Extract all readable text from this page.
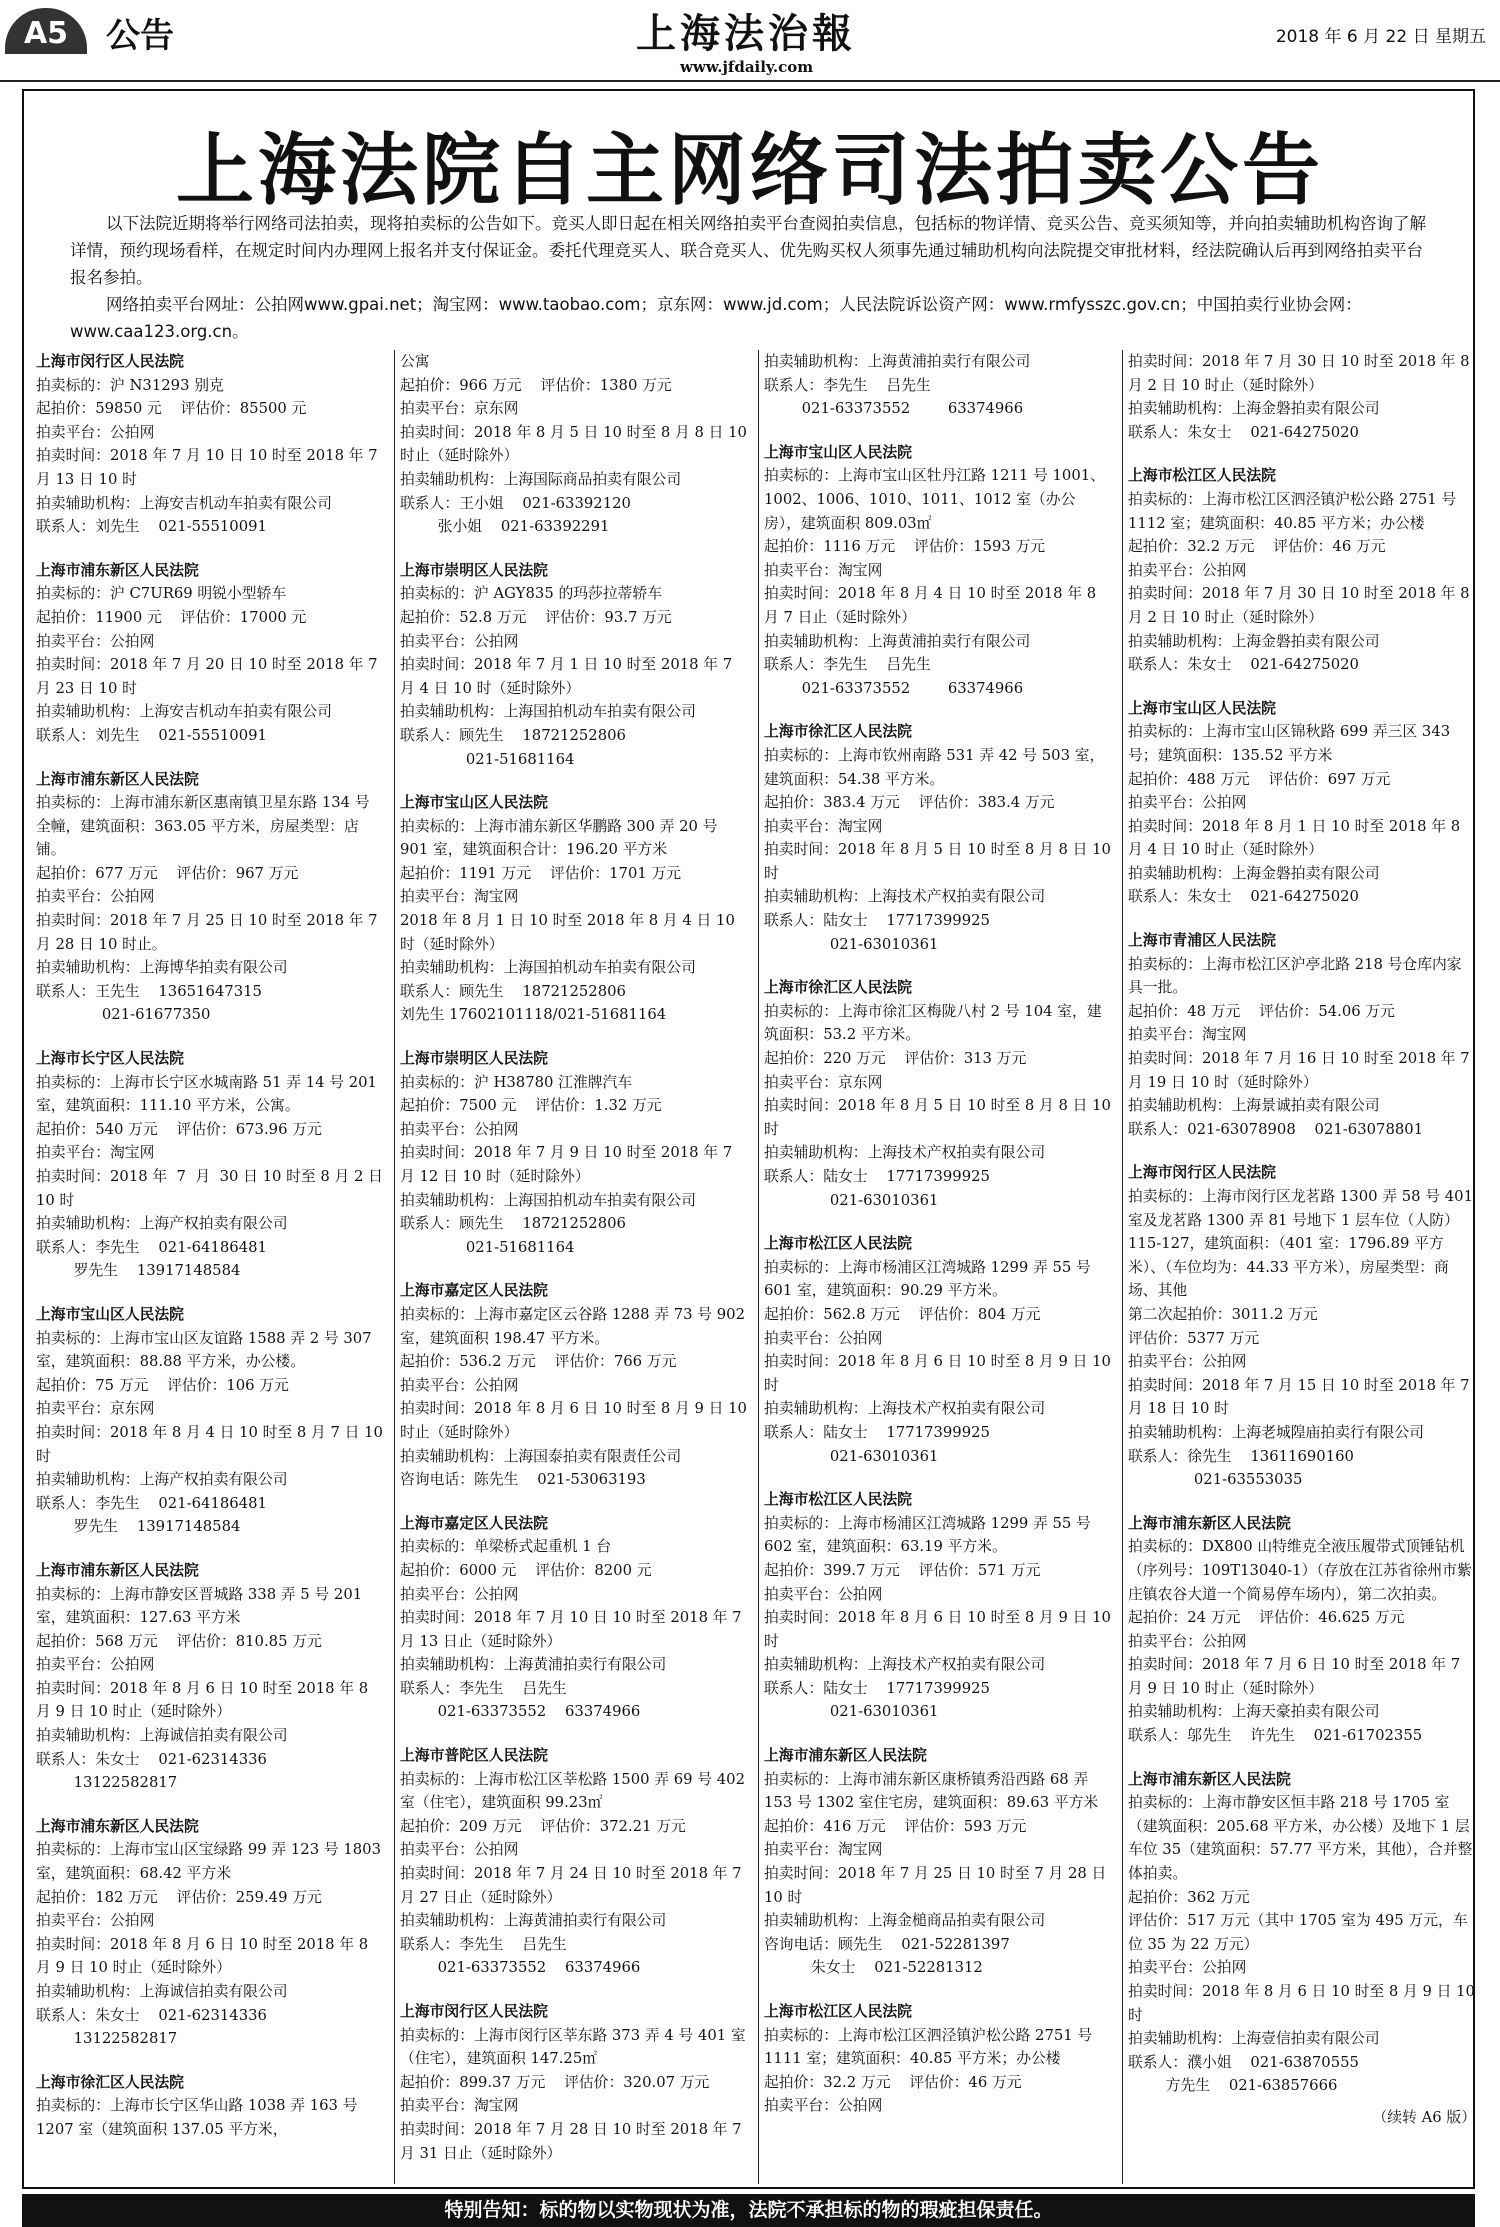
A5	公告	上海法治報
www.jfdaily.com
2018 年 6 月 22 日 星期五
上海法院自主网络司法拍卖公告

以下法院近期将举行网络司法拍卖，现将拍卖标的公告如下。竞买人即日起在相关网络拍卖平台查阅拍卖信息，包括标的物详情、竞买公告、竞买须知等，并向拍卖辅助机构咨询了解详情，预约现场看样，在规定时间内办理网上报名并支付保证金。委托代理竞买人、联合竞买人、优先购买权人须事先通过辅助机构向法院提交审批材料，经法院确认后再到网络拍卖平台报名参拍。

网络拍卖平台网址：公拍网www.gpai.net；淘宝网：www.taobao.com；京东网：www.jd.com；人民法院诉讼资产网：www.rmfysszc.gov.cn；中国拍卖行业协会网：www.caa123.org.cn。

上海市闵行区人民法院
拍卖标的：沪 N31293 别克
起拍价：59850 元    评估价：85500 元
拍卖平台：公拍网
拍卖时间：2018 年 7 月 10 日 10 时至 2018 年 7 月 13 日 10 时
拍卖辅助机构：上海安吉机动车拍卖有限公司
联系人：刘先生    021-55510091
上海市浦东新区人民法院
拍卖标的：沪 C7UR69 明锐小型轿车
起拍价：11900 元    评估价：17000 元
拍卖平台：公拍网
拍卖时间：2018 年 7 月 20 日 10 时至 2018 年 7 月 23 日 10 时
拍卖辅助机构：上海安吉机动车拍卖有限公司
联系人：刘先生    021-55510091
上海市浦东新区人民法院
拍卖标的：上海市浦东新区惠南镇卫星东路 134 号全幢，建筑面积：363.05 平方米，房屋类型：店铺。
起拍价：677 万元    评估价：967 万元
拍卖平台：公拍网
拍卖时间：2018 年 7 月 25 日 10 时至 2018 年 7 月 28 日 10 时止。
拍卖辅助机构：上海博华拍卖有限公司
联系人：王先生    13651647315
021-61677350
上海市长宁区人民法院
拍卖标的：上海市长宁区水城南路 51 弄 14 号 201 室，建筑面积：111.10 平方米，公寓。
起拍价：540 万元    评估价：673.96 万元
拍卖平台：淘宝网
拍卖时间：2018 年  7  月  30 日 10 时至 8 月 2 日 10 时
拍卖辅助机构：上海产权拍卖有限公司
联系人：李先生    021-64186481
罗先生    13917148584
上海市宝山区人民法院
拍卖标的：上海市宝山区友谊路 1588 弄 2 号 307 室，建筑面积：88.88 平方米，办公楼。
起拍价：75 万元    评估价：106 万元
拍卖平台：京东网
拍卖时间：2018 年 8 月 4 日 10 时至 8 月 7 日 10 时
拍卖辅助机构：上海产权拍卖有限公司
联系人：李先生    021-64186481
罗先生    13917148584
上海市浦东新区人民法院
拍卖标的：上海市静安区晋城路 338 弄 5 号 201 室，建筑面积：127.63 平方米
起拍价：568 万元    评估价：810.85 万元
拍卖平台：公拍网
拍卖时间：2018 年 8 月 6 日 10 时至 2018 年 8 月 9 日 10 时止（延时除外）
拍卖辅助机构：上海诚信拍卖有限公司
联系人：朱女士    021-62314336
13122582817
上海市浦东新区人民法院
拍卖标的：上海市宝山区宝绿路 99 弄 123 号 1803 室，建筑面积：68.42 平方米
起拍价：182 万元    评估价：259.49 万元
拍卖平台：公拍网
拍卖时间：2018 年 8 月 6 日 10 时至 2018 年 8 月 9 日 10 时止（延时除外）
拍卖辅助机构：上海诚信拍卖有限公司
联系人：朱女士    021-62314336
13122582817
上海市徐汇区人民法院
拍卖标的：上海市长宁区华山路 1038 弄 163 号 1207 室（建筑面积 137.05 平方米，
公寓
起拍价：966 万元    评估价：1380 万元
拍卖平台：京东网
拍卖时间：2018 年 8 月 5 日 10 时至 8 月 8 日 10 时止（延时除外）
拍卖辅助机构：上海国际商品拍卖有限公司
联系人：王小姐    021-63392120
张小姐    021-63392291
上海市崇明区人民法院
拍卖标的：沪 AGY835 的玛莎拉蒂轿车
起拍价：52.8 万元    评估价：93.7 万元
拍卖平台：公拍网
拍卖时间：2018 年 7 月 1 日 10 时至 2018 年 7 月 4 日 10 时（延时除外）
拍卖辅助机构：上海国拍机动车拍卖有限公司
联系人：顾先生    18721252806
021-51681164
上海市宝山区人民法院
拍卖标的：上海市浦东新区华鹏路 300 弄 20 号 901 室，建筑面积合计：196.20 平方米
起拍价：1191 万元    评估价：1701 万元
拍卖平台：淘宝网
2018 年 8 月 1 日 10 时至 2018 年 8 月 4 日 10 时（延时除外）
拍卖辅助机构：上海国拍机动车拍卖有限公司
联系人：顾先生    18721252806
刘先生 17602101118/021-51681164
上海市崇明区人民法院
拍卖标的：沪 H38780 江淮牌汽车
起拍价：7500 元    评估价：1.32 万元
拍卖平台：公拍网
拍卖时间：2018 年 7 月 9 日 10 时至 2018 年 7 月 12 日 10 时（延时除外）
拍卖辅助机构：上海国拍机动车拍卖有限公司
联系人：顾先生    18721252806
021-51681164
上海市嘉定区人民法院
拍卖标的：上海市嘉定区云谷路 1288 弄 73 号 902 室，建筑面积 198.47 平方米。
起拍价：536.2 万元    评估价：766 万元
拍卖平台：公拍网
拍卖时间：2018 年 8 月 6 日 10 时至 8 月 9 日 10 时止（延时除外）
拍卖辅助机构：上海国泰拍卖有限责任公司
咨询电话：陈先生    021-53063193
上海市嘉定区人民法院
拍卖标的：单梁桥式起重机 1 台
起拍价：6000 元    评估价：8200 元
拍卖平台：公拍网
拍卖时间：2018 年 7 月 10 日 10 时至 2018 年 7 月 13 日止（延时除外）
拍卖辅助机构：上海黄浦拍卖行有限公司
联系人：李先生    吕先生
021-63373552    63374966
上海市普陀区人民法院
拍卖标的：上海市松江区莘松路 1500 弄 69 号 402 室（住宅），建筑面积 99.23㎡
起拍价：209 万元    评估价：372.21 万元
拍卖平台：公拍网
拍卖时间：2018 年 7 月 24 日 10 时至 2018 年 7 月 27 日止（延时除外）
拍卖辅助机构：上海黄浦拍卖行有限公司
联系人：李先生    吕先生
021-63373552    63374966
上海市闵行区人民法院
拍卖标的：上海市闵行区莘东路 373 弄 4 号 401 室（住宅），建筑面积 147.25㎡
起拍价：899.37 万元    评估价：320.07 万元
拍卖平台：淘宝网
拍卖时间：2018 年 7 月 28 日 10 时至 2018 年 7 月 31 日止（延时除外）
拍卖辅助机构：上海黄浦拍卖行有限公司
联系人：李先生    吕先生
021-63373552        63374966
上海市宝山区人民法院
拍卖标的：上海市宝山区牡丹江路 1211 号 1001、1002、1006、1010、1011、1012 室（办公房），建筑面积 809.03㎡
起拍价：1116 万元    评估价：1593 万元
拍卖平台：淘宝网
拍卖时间：2018 年 8 月 4 日 10 时至 2018 年 8 月 7 日止（延时除外）
拍卖辅助机构：上海黄浦拍卖行有限公司
联系人：李先生    吕先生
021-63373552        63374966
上海市徐汇区人民法院
拍卖标的：上海市钦州南路 531 弄 42 号 503 室，建筑面积：54.38 平方米。
起拍价：383.4 万元    评估价：383.4 万元
拍卖平台：淘宝网
拍卖时间：2018 年 8 月 5 日 10 时至 8 月 8 日 10 时
拍卖辅助机构：上海技术产权拍卖有限公司
联系人：陆女士    17717399925
021-63010361
上海市徐汇区人民法院
拍卖标的：上海市徐汇区梅陇八村 2 号 104 室，建筑面积：53.2 平方米。
起拍价：220 万元    评估价：313 万元
拍卖平台：京东网
拍卖时间：2018 年 8 月 5 日 10 时至 8 月 8 日 10 时
拍卖辅助机构：上海技术产权拍卖有限公司
联系人：陆女士    17717399925
021-63010361
上海市松江区人民法院
拍卖标的：上海市杨浦区江湾城路 1299 弄 55 号 601 室，建筑面积：90.29 平方米。
起拍价：562.8 万元    评估价：804 万元
拍卖平台：公拍网
拍卖时间：2018 年 8 月 6 日 10 时至 8 月 9 日 10 时
拍卖辅助机构：上海技术产权拍卖有限公司
联系人：陆女士    17717399925
021-63010361
上海市松江区人民法院
拍卖标的：上海市杨浦区江湾城路 1299 弄 55 号 602 室，建筑面积：63.19 平方米。
起拍价：399.7 万元    评估价：571 万元
拍卖平台：公拍网
拍卖时间：2018 年 8 月 6 日 10 时至 8 月 9 日 10 时
拍卖辅助机构：上海技术产权拍卖有限公司
联系人：陆女士    17717399925
021-63010361
上海市浦东新区人民法院
拍卖标的：上海市浦东新区康桥镇秀沿西路 68 弄 153 号 1302 室住宅房，建筑面积：89.63 平方米
起拍价：416 万元    评估价：593 万元
拍卖平台：淘宝网
拍卖时间：2018 年 7 月 25 日 10 时至 7 月 28 日 10 时
拍卖辅助机构：上海金槌商品拍卖有限公司
咨询电话：顾先生    021-52281397
朱女士    021-52281312
上海市松江区人民法院
拍卖标的：上海市松江区泗泾镇沪松公路 2751 号 1111 室；建筑面积：40.85 平方米；办公楼
起拍价：32.2 万元    评估价：46 万元
拍卖平台：公拍网
拍卖时间：2018 年 7 月 30 日 10 时至 2018 年 8 月 2 日 10 时止（延时除外）
拍卖辅助机构：上海金磐拍卖有限公司
联系人：朱女士    021-64275020
上海市松江区人民法院
拍卖标的：上海市松江区泗泾镇沪松公路 2751 号 1112 室；建筑面积：40.85 平方米；办公楼
起拍价：32.2 万元    评估价：46 万元
拍卖平台：公拍网
拍卖时间：2018 年 7 月 30 日 10 时至 2018 年 8 月 2 日 10 时止（延时除外）
拍卖辅助机构：上海金磐拍卖有限公司
联系人：朱女士    021-64275020
上海市宝山区人民法院
拍卖标的：上海市宝山区锦秋路 699 弄三区 343 号；建筑面积：135.52 平方米
起拍价：488 万元    评估价：697 万元
拍卖平台：公拍网
拍卖时间：2018 年 8 月 1 日 10 时至 2018 年 8 月 4 日 10 时止（延时除外）
拍卖辅助机构：上海金磐拍卖有限公司
联系人：朱女士    021-64275020
上海市青浦区人民法院
拍卖标的：上海市松江区沪亭北路 218 号仓库内家具一批。
起拍价：48 万元    评估价：54.06 万元
拍卖平台：淘宝网
拍卖时间：2018 年 7 月 16 日 10 时至 2018 年 7 月 19 日 10 时（延时除外）
拍卖辅助机构：上海景诚拍卖有限公司
联系人：021-63078908    021-63078801
上海市闵行区人民法院
拍卖标的：上海市闵行区龙茗路 1300 弄 58 号 401 室及龙茗路 1300 弄 81 号地下 1 层车位（人防）115-127，建筑面积：（401 室：1796.89 平方米）、（车位均为：44.33 平方米），房屋类型：商场、其他
第二次起拍价：3011.2 万元
评估价：5377 万元
拍卖平台：公拍网
拍卖时间：2018 年 7 月 15 日 10 时至 2018 年 7 月 18 日 10 时
拍卖辅助机构：上海老城隍庙拍卖行有限公司
联系人：徐先生    13611690160
021-63553035
上海市浦东新区人民法院
拍卖标的：DX800 山特维克全液压履带式顶锤钻机（序列号：109T13040-1）（存放在江苏省徐州市紫庄镇农谷大道一个简易停车场内），第二次拍卖。
起拍价：24 万元    评估价：46.625 万元
拍卖平台：公拍网
拍卖时间：2018 年 7 月 6 日 10 时至 2018 年 7 月 9 日 10 时止（延时除外）
拍卖辅助机构：上海天豪拍卖有限公司
联系人：邬先生    许先生    021-61702355
上海市浦东新区人民法院
拍卖标的：上海市静安区恒丰路 218 号 1705 室（建筑面积：205.68 平方米，办公楼）及地下 1 层车位 35（建筑面积：57.77 平方米，其他），合并整体拍卖。
起拍价：362 万元
评估价：517 万元（其中 1705 室为 495 万元，车位 35 为 22 万元）
拍卖平台：公拍网
拍卖时间：2018 年 8 月 6 日 10 时至 8 月 9 日 10 时
拍卖辅助机构：上海壹信拍卖有限公司
联系人：濮小姐    021-63870555
方先生    021-63857666
（续转 A6 版）
特别告知：标的物以实物现状为准，法院不承担标的物的瑕疵担保责任。
